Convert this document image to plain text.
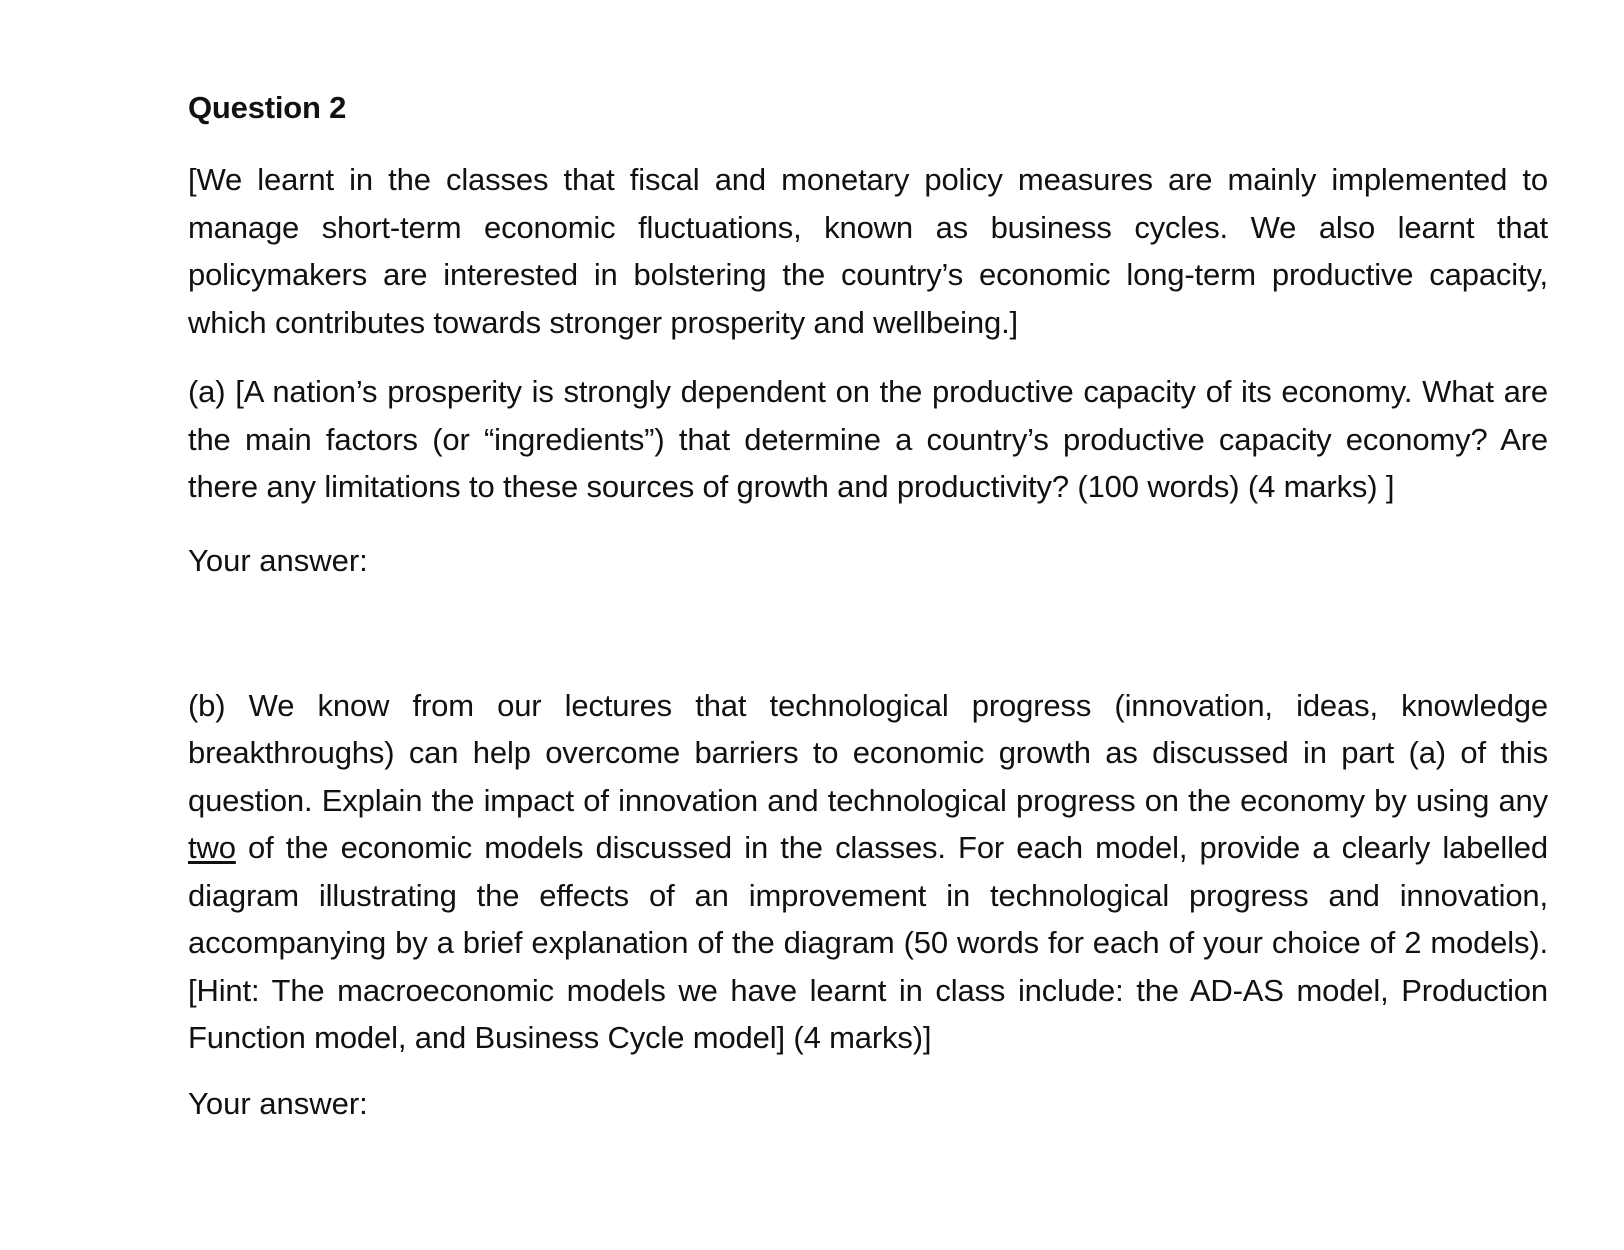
Question 2

[We learnt in the classes that fiscal and monetary policy measures are mainly implemented to manage short-term economic fluctuations, known as business cycles. We also learnt that policymakers are interested in bolstering the country’s economic long-term productive capacity, which contributes towards stronger prosperity and wellbeing.]

(a) [A nation’s prosperity is strongly dependent on the productive capacity of its economy. What are the main factors (or “ingredients”) that determine a country’s productive capacity economy? Are there any limitations to these sources of growth and productivity? (100 words) (4 marks) ]

Your answer:

(b) We know from our lectures that technological progress (innovation, ideas, knowledge breakthroughs) can help overcome barriers to economic growth as discussed in part (a) of this question. Explain the impact of innovation and technological progress on the economy by using any two of the economic models discussed in the classes. For each model, provide a clearly labelled diagram illustrating the effects of an improvement in technological progress and innovation, accompanying by a brief explanation of the diagram (50 words for each of your choice of 2 models). [Hint: The macroeconomic models we have learnt in class include: the AD-AS model, Production Function model, and Business Cycle model] (4 marks)]

Your answer:
